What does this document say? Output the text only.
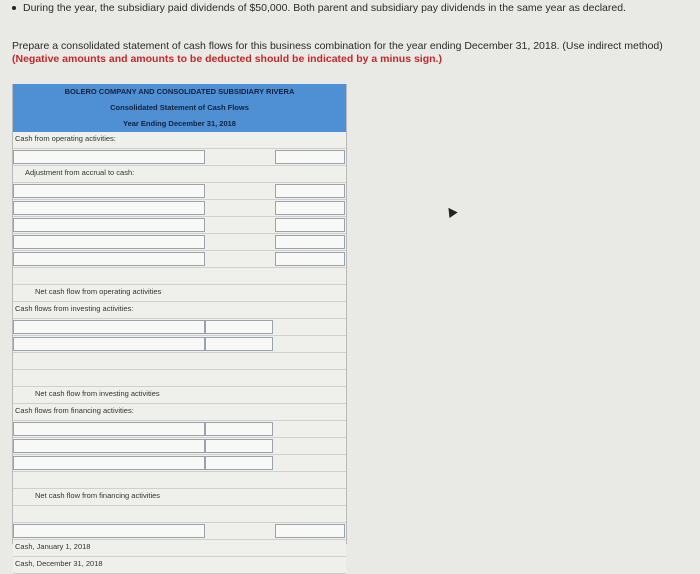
During the year, the subsidiary paid dividends of $50,000. Both parent and subsidiary pay dividends in the same year as declared.
Prepare a consolidated statement of cash flows for this business combination for the year ending December 31, 2018. (Use indirect method) (Negative amounts and amounts to be deducted should be indicated by a minus sign.)
BOLERO COMPANY AND CONSOLIDATED SUBSIDIARY RIVERA
Consolidated Statement of Cash Flows
Year Ending December 31, 2018
Cash from operating activities:
Adjustment from accrual to cash:
Net cash flow from operating activities
Cash flows from investing activities:
Net cash flow from investing activities
Cash flows from financing activities:
Net cash flow from financing activities
Cash, January 1, 2018
Cash, December 31, 2018
